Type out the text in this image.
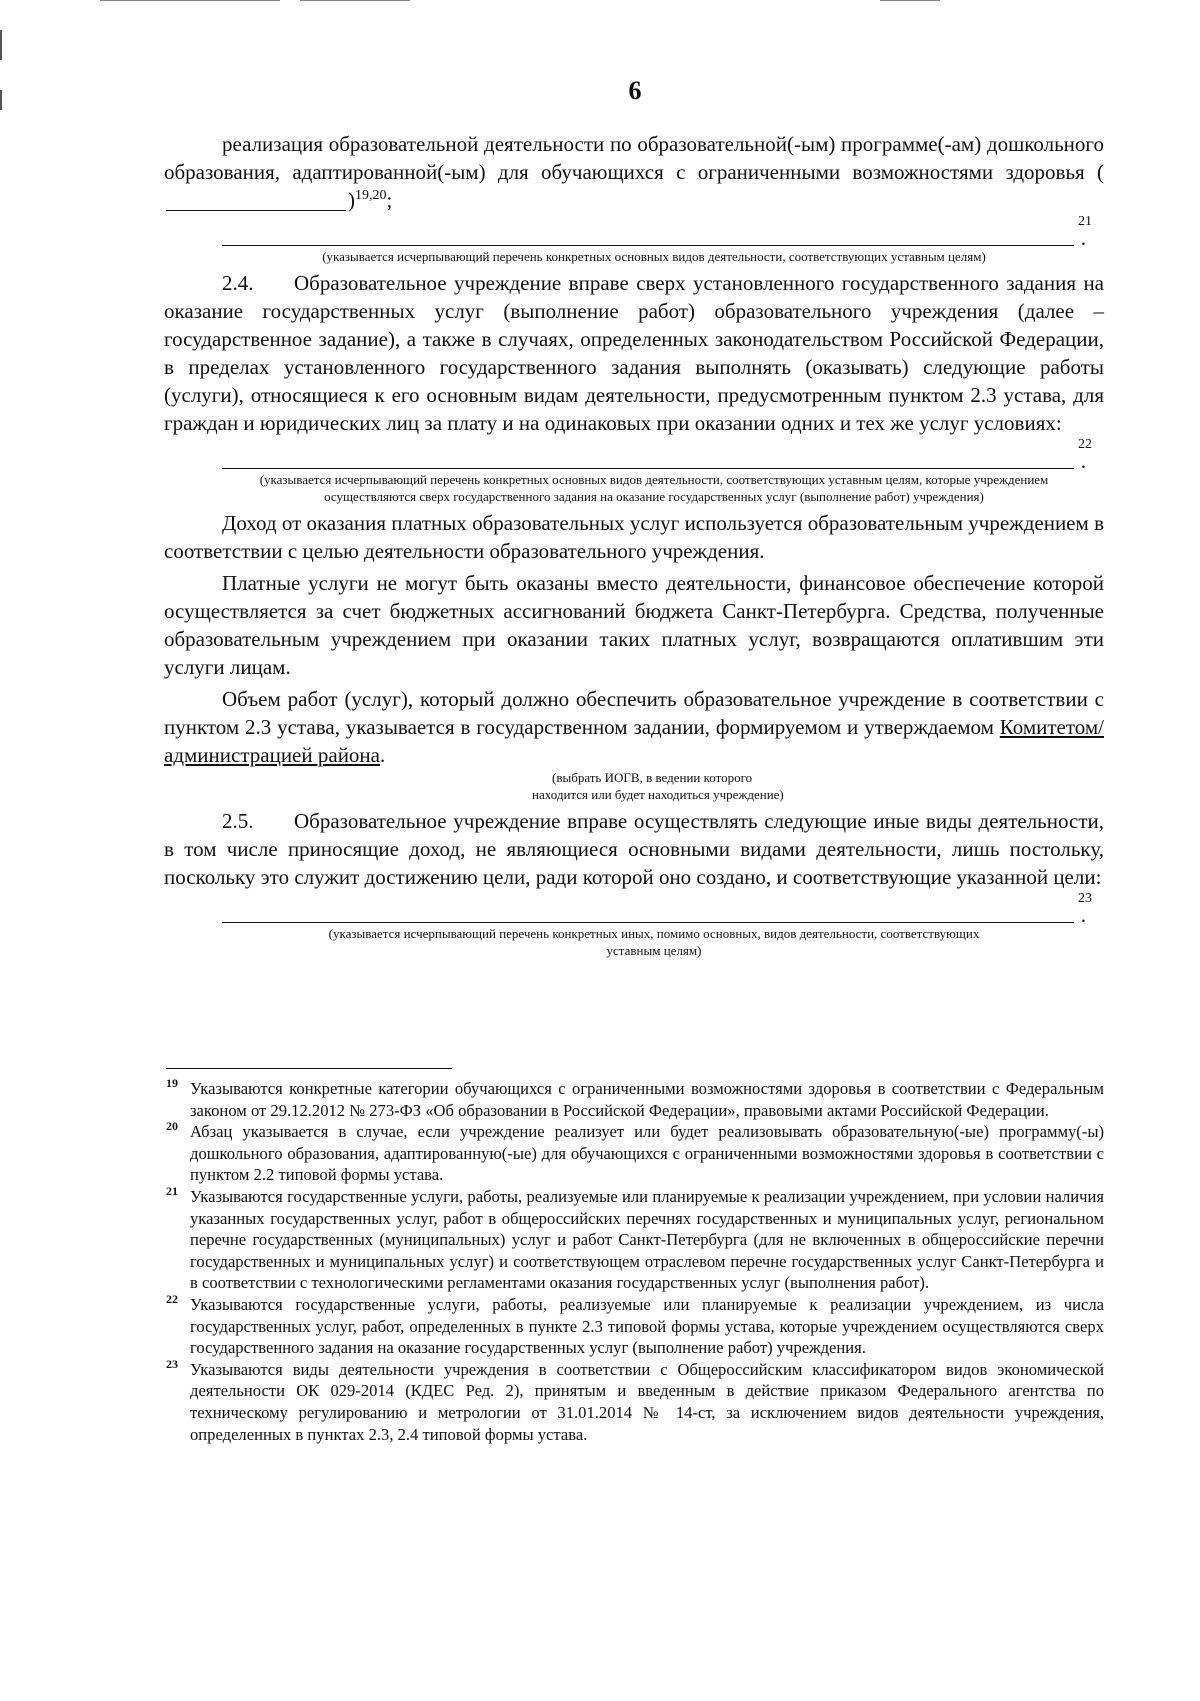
6

реализация образовательной деятельности по образовательной(-ым) программе(-ам) дошкольного образования, адаптированной(-ым) для обучающихся с ограниченными возможностями здоровья ()$^{19,20}$;

.
21

(указывается исчерпывающий перечень конкретных основных видов деятельности, соответствующих уставным целям)

2.4. Образовательное учреждение вправе сверх установленного государственного задания на оказание государственных услуг (выполнение работ) образовательного учреждения (далее – государственное задание), а также в случаях, определенных законодательством Российской Федерации, в пределах установленного государственного задания выполнять (оказывать) следующие работы (услуги), относящиеся к его основным видам деятельности, предусмотренным пунктом 2.3 устава, для граждан и юридических лиц за плату и на одинаковых при оказании одних и тех же услуг условиях:

.
22

(указывается исчерпывающий перечень конкретных основных видов деятельности, соответствующих уставным целям, которые учреждением осуществляются сверх государственного задания на оказание государственных услуг (выполнение работ) учреждения)

Доход от оказания платных образовательных услуг используется образовательным учреждением в соответствии с целью деятельности образовательного учреждения.

Платные услуги не могут быть оказаны вместо деятельности, финансовое обеспечение которой осуществляется за счет бюджетных ассигнований бюджета Санкт-Петербурга. Средства, полученные образовательным учреждением при оказании таких платных услуг, возвращаются оплатившим эти услуги лицам.

Объем работ (услуг), который должно обеспечить образовательное учреждение в соответствии с пунктом 2.3 устава, указывается в государственном задании, формируемом и утверждаемом Комитетом/администрацией района.

(выбрать ИОГВ, в ведении которого

находится или будет находиться учреждение)

2.5. Образовательное учреждение вправе осуществлять следующие иные виды деятельности, в том числе приносящие доход, не являющиеся основными видами деятельности, лишь постольку, поскольку это служит достижению цели, ради которой оно создано, и соответствующие указанной цели:

.
23

(указывается исчерпывающий перечень конкретных иных, помимо основных, видов деятельности, соответствующих уставным целям)

19 Указываются конкретные категории обучающихся с ограниченными возможностями здоровья в соответствии с Федеральным законом от 29.12.2012 № 273-ФЗ «Об образовании в Российской Федерации», правовыми актами Российской Федерации.

20 Абзац указывается в случае, если учреждение реализует или будет реализовывать образовательную(-ые) программу(-ы) дошкольного образования, адаптированную(-ые) для обучающихся с ограниченными возможностями здоровья в соответствии с пунктом 2.2 типовой формы устава.

21 Указываются государственные услуги, работы, реализуемые или планируемые к реализации учреждением, при условии наличия указанных государственных услуг, работ в общероссийских перечнях государственных и муниципальных услуг, региональном перечне государственных (муниципальных) услуг и работ Санкт-Петербурга (для не включенных в общероссийские перечни государственных и муниципальных услуг) и соответствующем отраслевом перечне государственных услуг Санкт-Петербурга и в соответствии с технологическими регламентами оказания государственных услуг (выполнения работ).

22 Указываются государственные услуги, работы, реализуемые или планируемые к реализации учреждением, из числа государственных услуг, работ, определенных в пункте 2.3 типовой формы устава, которые учреждением осуществляются сверх государственного задания на оказание государственных услуг (выполнение работ) учреждения.

23 Указываются виды деятельности учреждения в соответствии с Общероссийским классификатором видов экономической деятельности ОК 029-2014 (КДЕС Ред. 2), принятым и введенным в действие приказом Федерального агентства по техническому регулированию и метрологии от 31.01.2014 № 14-ст, за исключением видов деятельности учреждения, определенных в пунктах 2.3, 2.4 типовой формы устава.
